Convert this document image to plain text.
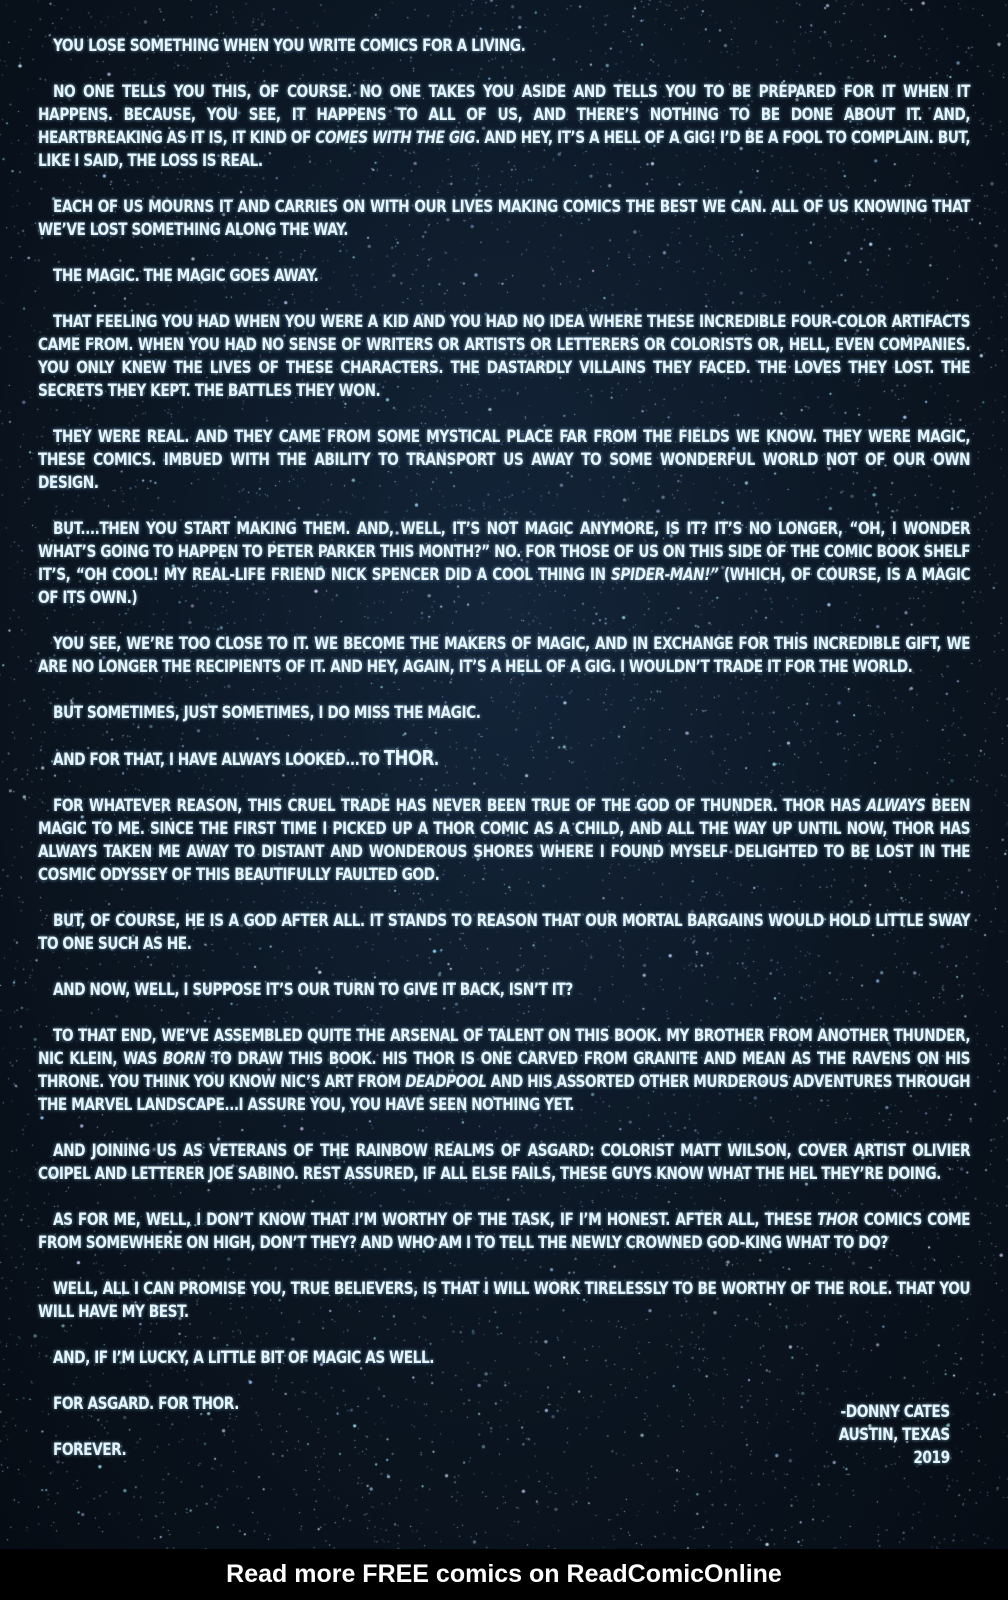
YOU LOSE SOMETHING WHEN YOU WRITE COMICS FOR A LIVING.

NO ONE TELLS YOU THIS, OF COURSE. NO ONE TAKES YOU ASIDE AND TELLS YOU TO BE PREPARED FOR IT WHEN IT HAPPENS. BECAUSE, YOU SEE, IT HAPPENS TO ALL OF US, AND THERE’S NOTHING TO BE DONE ABOUT IT. AND, HEARTBREAKING AS IT IS, IT KIND OF COMES WITH THE GIG. AND HEY, IT’S A HELL OF A GIG! I’D BE A FOOL TO COMPLAIN. BUT, LIKE I SAID, THE LOSS IS REAL.

EACH OF US MOURNS IT AND CARRIES ON WITH OUR LIVES MAKING COMICS THE BEST WE CAN. ALL OF US KNOWING THAT WE’VE LOST SOMETHING ALONG THE WAY.

THE MAGIC. THE MAGIC GOES AWAY.

THAT FEELING YOU HAD WHEN YOU WERE A KID AND YOU HAD NO IDEA WHERE THESE INCREDIBLE FOUR-COLOR ARTIFACTS CAME FROM. WHEN YOU HAD NO SENSE OF WRITERS OR ARTISTS OR LETTERERS OR COLORISTS OR, HELL, EVEN COMPANIES. YOU ONLY KNEW THE LIVES OF THESE CHARACTERS. THE DASTARDLY VILLAINS THEY FACED. THE LOVES THEY LOST. THE SECRETS THEY KEPT. THE BATTLES THEY WON.

THEY WERE REAL. AND THEY CAME FROM SOME MYSTICAL PLACE FAR FROM THE FIELDS WE KNOW. THEY WERE MAGIC, THESE COMICS. IMBUED WITH THE ABILITY TO TRANSPORT US AWAY TO SOME WONDERFUL WORLD NOT OF OUR OWN DESIGN.

BUT....THEN YOU START MAKING THEM. AND, WELL, IT’S NOT MAGIC ANYMORE, IS IT? IT’S NO LONGER, “OH, I WONDER WHAT’S GOING TO HAPPEN TO PETER PARKER THIS MONTH?” NO. FOR THOSE OF US ON THIS SIDE OF THE COMIC BOOK SHELF IT’S, “OH COOL! MY REAL-LIFE FRIEND NICK SPENCER DID A COOL THING IN SPIDER-MAN!” (WHICH, OF COURSE, IS A MAGIC OF ITS OWN.)

YOU SEE, WE’RE TOO CLOSE TO IT. WE BECOME THE MAKERS OF MAGIC, AND IN EXCHANGE FOR THIS INCREDIBLE GIFT, WE ARE NO LONGER THE RECIPIENTS OF IT. AND HEY, AGAIN, IT’S A HELL OF A GIG. I WOULDN’T TRADE IT FOR THE WORLD.

BUT SOMETIMES, JUST SOMETIMES, I DO MISS THE MAGIC.

AND FOR THAT, I HAVE ALWAYS LOOKED...TO THOR.

FOR WHATEVER REASON, THIS CRUEL TRADE HAS NEVER BEEN TRUE OF THE GOD OF THUNDER. THOR HAS ALWAYS BEEN MAGIC TO ME. SINCE THE FIRST TIME I PICKED UP A THOR COMIC AS A CHILD, AND ALL THE WAY UP UNTIL NOW, THOR HAS ALWAYS TAKEN ME AWAY TO DISTANT AND WONDEROUS SHORES WHERE I FOUND MYSELF DELIGHTED TO BE LOST IN THE COSMIC ODYSSEY OF THIS BEAUTIFULLY FAULTED GOD.

BUT, OF COURSE, HE IS A GOD AFTER ALL. IT STANDS TO REASON THAT OUR MORTAL BARGAINS WOULD HOLD LITTLE SWAY TO ONE SUCH AS HE.

AND NOW, WELL, I SUPPOSE IT’S OUR TURN TO GIVE IT BACK, ISN’T IT?

TO THAT END, WE’VE ASSEMBLED QUITE THE ARSENAL OF TALENT ON THIS BOOK. MY BROTHER FROM ANOTHER THUNDER, NIC KLEIN, WAS BORN TO DRAW THIS BOOK. HIS THOR IS ONE CARVED FROM GRANITE AND MEAN AS THE RAVENS ON HIS THRONE. YOU THINK YOU KNOW NIC’S ART FROM DEADPOOL AND HIS ASSORTED OTHER MURDEROUS ADVENTURES THROUGH THE MARVEL LANDSCAPE...I ASSURE YOU, YOU HAVE SEEN NOTHING YET.

AND JOINING US AS VETERANS OF THE RAINBOW REALMS OF ASGARD: COLORIST MATT WILSON, COVER ARTIST OLIVIER COIPEL AND LETTERER JOE SABINO. REST ASSURED, IF ALL ELSE FAILS, THESE GUYS KNOW WHAT THE HEL THEY’RE DOING.

AS FOR ME, WELL, I DON’T KNOW THAT I’M WORTHY OF THE TASK, IF I’M HONEST. AFTER ALL, THESE THOR COMICS COME FROM SOMEWHERE ON HIGH, DON’T THEY? AND WHO AM I TO TELL THE NEWLY CROWNED GOD-KING WHAT TO DO?

WELL, ALL I CAN PROMISE YOU, TRUE BELIEVERS, IS THAT I WILL WORK TIRELESSLY TO BE WORTHY OF THE ROLE. THAT YOU WILL HAVE MY BEST.

AND, IF I’M LUCKY, A LITTLE BIT OF MAGIC AS WELL.

FOR ASGARD. FOR THOR.

FOREVER.

-DONNY CATES
AUSTIN, TEXAS
2019
Read more FREE comics on ReadComicOnline
